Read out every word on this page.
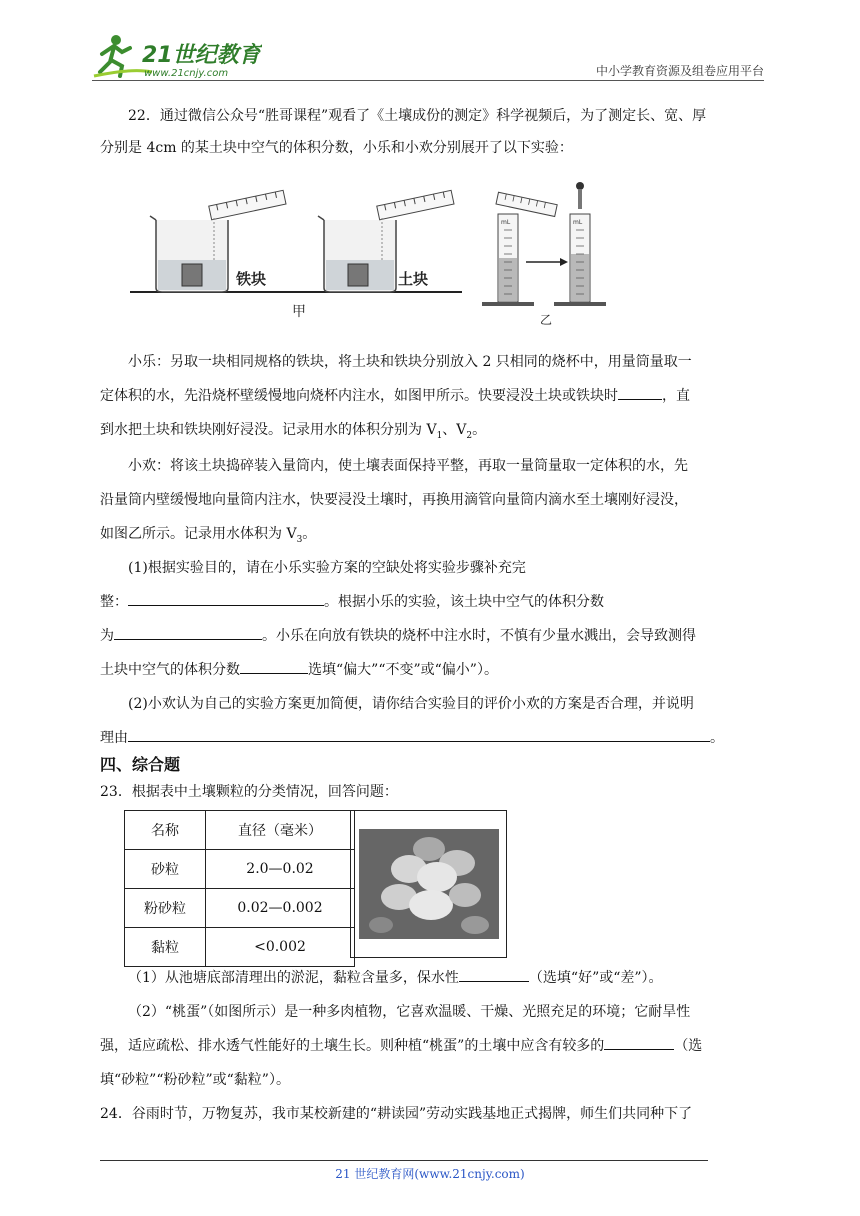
21世纪教育
www.21cnjy.com	中小学教育资源及组卷应用平台

22．通过微信公众号“胜哥课程”观看了《土壤成份的测定》科学视频后，为了测定长、宽、厚

分别是 4cm 的某土块中空气的体积分数，小乐和小欢分别展开了以下实验：

铁块	土块
甲
mL	mL
乙

小乐：另取一块相同规格的铁块，将土块和铁块分别放入 2 只相同的烧杯中，用量筒量取一

定体积的水，先沿烧杯壁缓慢地向烧杯内注水，如图甲所示。快要浸没土块或铁块时	，直

到水把土块和铁块刚好浸没。记录用水的体积分别为 $V_1$、$V_2$。

小欢：将该土块捣碎装入量筒内，使土壤表面保持平整，再取一量筒量取一定体积的水，先

沿量筒内壁缓慢地向量筒内注水，快要浸没土壤时，再换用滴管向量筒内滴水至土壤刚好浸没，

如图乙所示。记录用水体积为 $V_3$。

(1)根据实验目的，请在小乐实验方案的空缺处将实验步骤补充完

整：	。根据小乐的实验，该土块中空气的体积分数

为	。小乐在向放有铁块的烧杯中注水时，不慎有少量水溅出，会导致测得

土块中空气的体积分数	选填“偏大”“不变”或“偏小”）。

(2)小欢认为自己的实验方案更加简便，请你结合实验目的评价小欢的方案是否合理，并说明

理由	。

四、综合题

23．根据表中土壤颗粒的分类情况，回答问题：

名称	直径（毫米）
砂粒	2.0—0.02
粉砂粒	0.02—0.002
黏粒	<0.002

（1）从池塘底部清理出的淤泥，黏粒含量多，保水性	（选填“好”或“差”）。

（2）“桃蛋”（如图所示）是一种多肉植物，它喜欢温暖、干燥、光照充足的环境；它耐旱性

强，适应疏松、排水透气性能好的土壤生长。则种植“桃蛋”的土壤中应含有较多的	（选

填“砂粒”“粉砂粒”或“黏粒”）。

24．谷雨时节，万物复苏，我市某校新建的“耕读园”劳动实践基地正式揭牌，师生们共同种下了

21 世纪教育网(www.21cnjy.com)
